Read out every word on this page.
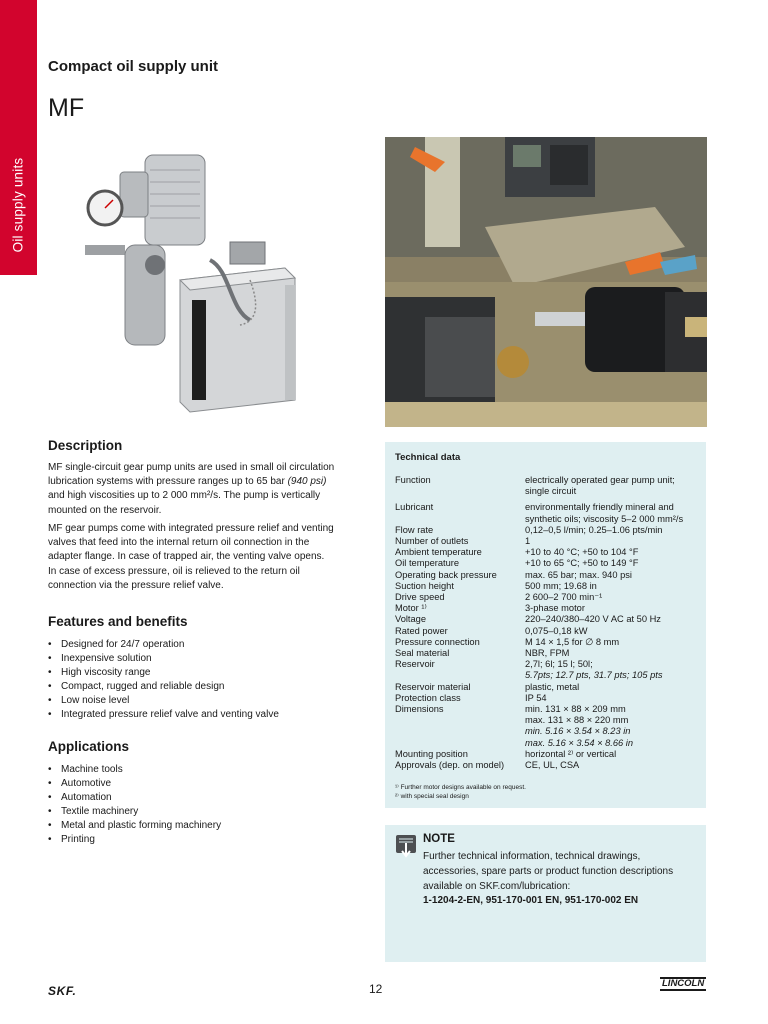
Oil supply units
Compact oil supply unit
MF
Description

MF single-circuit gear pump units are used in small oil circulation
lubrication systems with pressure ranges up to 65 bar (940 psi)
and high viscosities up to 2 000 mm²/s. The pump is vertically
mounted on the reservoir.

MF gear pumps come with integrated pressure relief and venting
valves that feed into the internal return oil connection in the
adapter flange. In case of trapped air, the venting valve opens.
In case of excess pressure, oil is relieved to the return oil
connection via the pressure relief valve.

Features and benefits
• Designed for 24/7 operation
• Inexpensive solution
• High viscosity range
• Compact, rugged and reliable design
• Low noise level
• Integrated pressure relief valve and venting valve
Applications
• Machine tools
• Automotive
• Automation
• Textile machinery
• Metal and plastic forming machinery
• Printing
Technical data
Function	electrically operated gear pump unit;
single circuit
Lubricant	environmentally friendly mineral and
synthetic oils; viscosity 5–2 000 mm²/s
Flow rate	0,12–0,5 l/min; 0.25–1.06 pts/min
Number of outlets	1
Ambient temperature	+10 to 40 °C; +50 to 104 °F
Oil temperature	+10 to 65 °C; +50 to 149 °F
Operating back pressure	max. 65 bar; max. 940 psi
Suction height	500 mm; 19.68 in
Drive speed	2 600–2 700 min⁻¹
Motor ¹⁾	3-phase motor
Voltage	220–240/380–420 V AC at 50 Hz
Rated power	0,075–0,18 kW
Pressure connection	M 14 × 1,5 for ∅ 8 mm
Seal material	NBR, FPM
Reservoir	2,7l; 6l; 15 l; 50l;
5.7pts; 12.7 pts, 31.7 pts; 105 pts
Reservoir material	plastic, metal
Protection class	IP 54
Dimensions	min. 131 × 88 × 209 mm
max. 131 × 88 × 220 mm
min. 5.16 × 3.54 × 8.23 in
max. 5.16 × 3.54 × 8.66 in
Mounting position	horizontal ²⁾ or vertical
Approvals (dep. on model)	CE, UL, CSA
¹⁾ Further motor designs available on request.
²⁾ with special seal design
NOTE

Further technical information, technical drawings, accessories, spare parts or product function descriptions available on SKF.com/lubrication:

1-1204-2-EN, 951-170-001 EN, 951-170-002 EN
SKF.	12	LINCOLN
